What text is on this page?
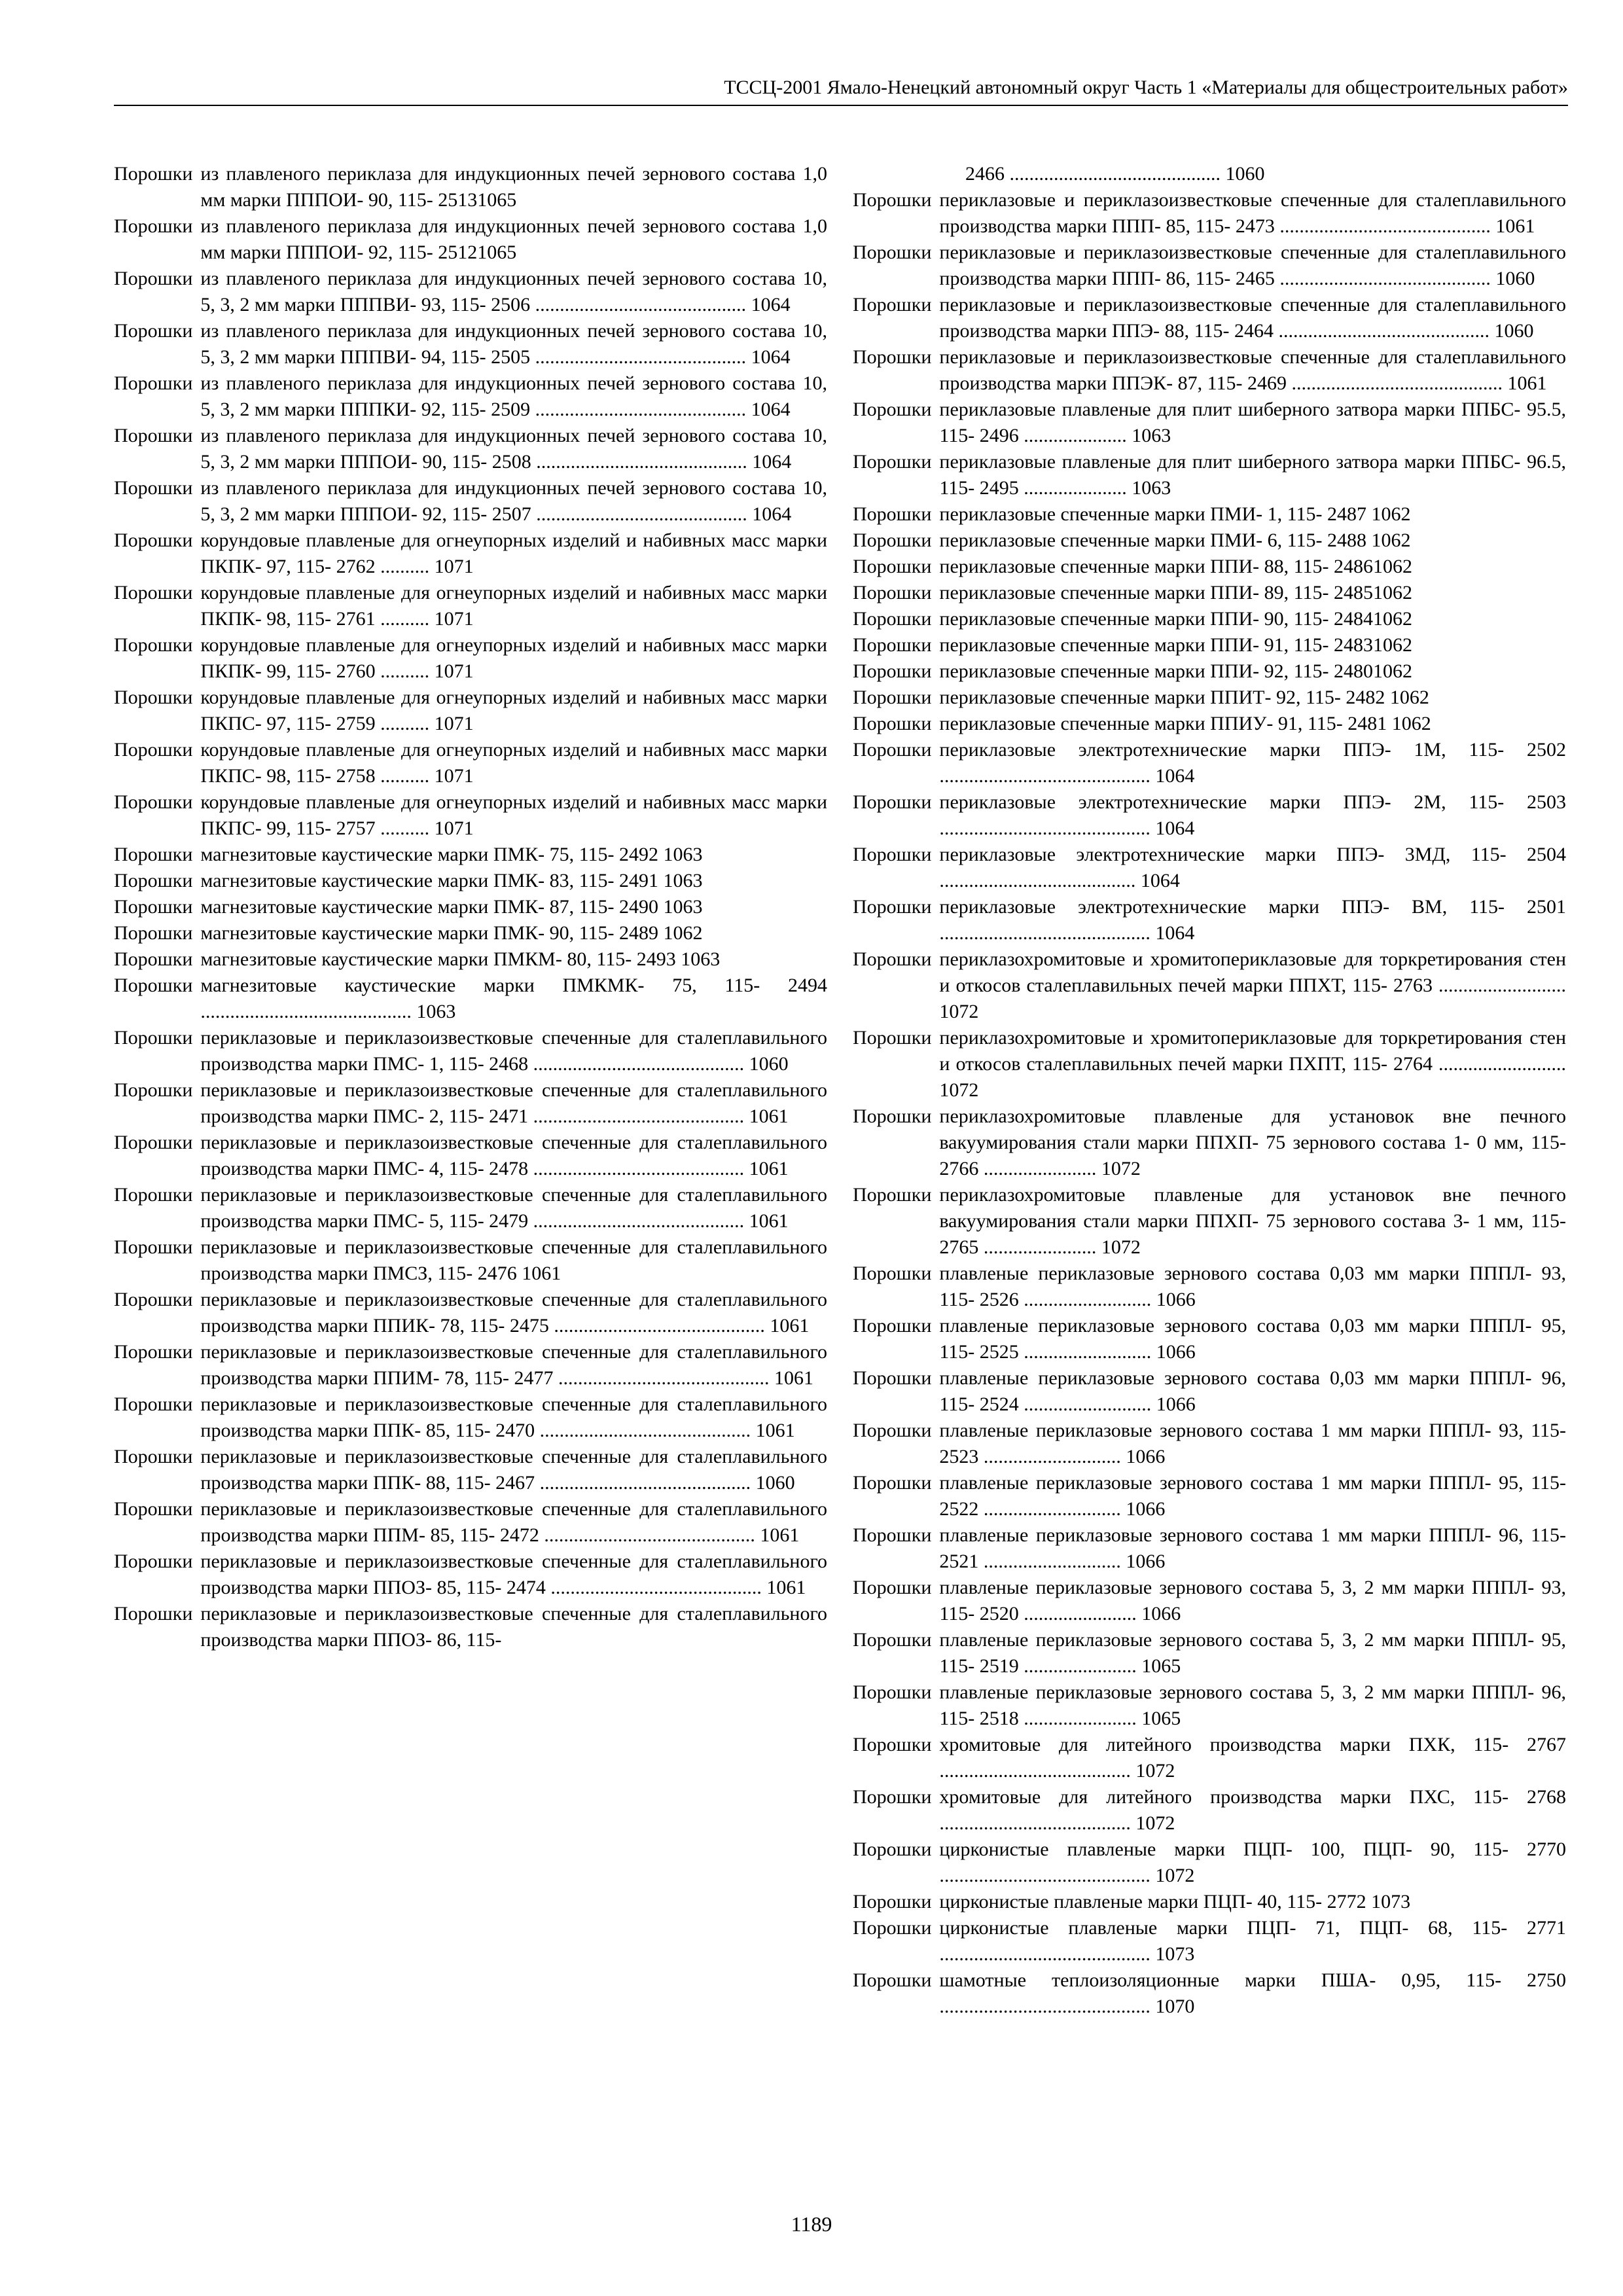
ТССЦ-2001 Ямало-Ненецкий автономный округ Часть 1 «Материалы для общестроительных работ»
Порошки из плавленого периклаза для индукционных печей зернового состава 1,0 мм марки ПППОИ- 90, 115- 25131065
Порошки из плавленого периклаза для индукционных печей зернового состава 1,0 мм марки ПППОИ- 92, 115- 25121065
Порошки из плавленого периклаза для индукционных печей зернового состава 10, 5, 3, 2 мм марки ПППВИ- 93, 115- 2506 ........................................... 1064
Порошки из плавленого периклаза для индукционных печей зернового состава 10, 5, 3, 2 мм марки ПППВИ- 94, 115- 2505 ........................................... 1064
Порошки из плавленого периклаза для индукционных печей зернового состава 10, 5, 3, 2 мм марки ПППКИ- 92, 115- 2509 ........................................... 1064
Порошки из плавленого периклаза для индукционных печей зернового состава 10, 5, 3, 2 мм марки ПППОИ- 90, 115- 2508 ........................................... 1064
Порошки из плавленого периклаза для индукционных печей зернового состава 10, 5, 3, 2 мм марки ПППОИ- 92, 115- 2507 ........................................... 1064
Порошки корундовые плавленые для огнеупорных изделий и набивных масс марки ПКПК- 97, 115- 2762 .......... 1071
Порошки корундовые плавленые для огнеупорных изделий и набивных масс марки ПКПК- 98, 115- 2761 .......... 1071
Порошки корундовые плавленые для огнеупорных изделий и набивных масс марки ПКПК- 99, 115- 2760 .......... 1071
Порошки корундовые плавленые для огнеупорных изделий и набивных масс марки ПКПС- 97, 115- 2759 .......... 1071
Порошки корундовые плавленые для огнеупорных изделий и набивных масс марки ПКПС- 98, 115- 2758 .......... 1071
Порошки корундовые плавленые для огнеупорных изделий и набивных масс марки ПКПС- 99, 115- 2757 .......... 1071
Порошки магнезитовые каустические марки ПМК- 75, 115- 2492 1063
Порошки магнезитовые каустические марки ПМК- 83, 115- 2491 1063
Порошки магнезитовые каустические марки ПМК- 87, 115- 2490 1063
Порошки магнезитовые каустические марки ПМК- 90, 115- 2489 1062
Порошки магнезитовые каустические марки ПМКМ- 80, 115- 2493 1063
Порошки магнезитовые каустические марки ПМКМК- 75, 115- 2494 ........................................... 1063
Порошки периклазовые и периклазоизвестковые спеченные для сталеплавильного производства марки ПМС- 1, 115- 2468 ........................................... 1060
Порошки периклазовые и периклазоизвестковые спеченные для сталеплавильного производства марки ПМС- 2, 115- 2471 ........................................... 1061
Порошки периклазовые и периклазоизвестковые спеченные для сталеплавильного производства марки ПМС- 4, 115- 2478 ........................................... 1061
Порошки периклазовые и периклазоизвестковые спеченные для сталеплавильного производства марки ПМС- 5, 115- 2479 ........................................... 1061
Порошки периклазовые и периклазоизвестковые спеченные для сталеплавильного производства марки ПМСЗ, 115- 2476 1061
Порошки периклазовые и периклазоизвестковые спеченные для сталеплавильного производства марки ППИК- 78, 115- 2475 ........................................... 1061
Порошки периклазовые и периклазоизвестковые спеченные для сталеплавильного производства марки ППИМ- 78, 115- 2477 ........................................... 1061
Порошки периклазовые и периклазоизвестковые спеченные для сталеплавильного производства марки ППК- 85, 115- 2470 ........................................... 1061
Порошки периклазовые и периклазоизвестковые спеченные для сталеплавильного производства марки ППК- 88, 115- 2467 ........................................... 1060
Порошки периклазовые и периклазоизвестковые спеченные для сталеплавильного производства марки ППМ- 85, 115- 2472 ........................................... 1061
Порошки периклазовые и периклазоизвестковые спеченные для сталеплавильного производства марки ППОЗ- 85, 115- 2474 ........................................... 1061
Порошки периклазовые и периклазоизвестковые спеченные для сталеплавильного производства марки ППОЗ- 86, 115-
2466 ........................................... 1060
Порошки периклазовые и периклазоизвестковые спеченные для сталеплавильного производства марки ППП- 85, 115- 2473 ........................................... 1061
Порошки периклазовые и периклазоизвестковые спеченные для сталеплавильного производства марки ППП- 86, 115- 2465 ........................................... 1060
Порошки периклазовые и периклазоизвестковые спеченные для сталеплавильного производства марки ППЭ- 88, 115- 2464 ........................................... 1060
Порошки периклазовые и периклазоизвестковые спеченные для сталеплавильного производства марки ППЭК- 87, 115- 2469 ........................................... 1061
Порошки периклазовые плавленые для плит шиберного затвора марки ППБС- 95.5, 115- 2496 ..................... 1063
Порошки периклазовые плавленые для плит шиберного затвора марки ППБС- 96.5, 115- 2495 ..................... 1063
Порошки периклазовые спеченные марки ПМИ- 1, 115- 2487 1062
Порошки периклазовые спеченные марки ПМИ- 6, 115- 2488 1062
Порошки периклазовые спеченные марки ППИ- 88, 115- 24861062
Порошки периклазовые спеченные марки ППИ- 89, 115- 24851062
Порошки периклазовые спеченные марки ППИ- 90, 115- 24841062
Порошки периклазовые спеченные марки ППИ- 91, 115- 24831062
Порошки периклазовые спеченные марки ППИ- 92, 115- 24801062
Порошки периклазовые спеченные марки ППИТ- 92, 115- 2482 1062
Порошки периклазовые спеченные марки ППИУ- 91, 115- 2481 1062
Порошки периклазовые электротехнические марки ППЭ- 1М, 115- 2502 ........................................... 1064
Порошки периклазовые электротехнические марки ППЭ- 2М, 115- 2503 ........................................... 1064
Порошки периклазовые электротехнические марки ППЭ- 3МД, 115- 2504 ........................................ 1064
Порошки периклазовые электротехнические марки ППЭ- ВМ, 115- 2501 ........................................... 1064
Порошки периклазохромитовые и хромитопериклазовые для торкретирования стен и откосов сталеплавильных печей марки ППХТ, 115- 2763 .......................... 1072
Порошки периклазохромитовые и хромитопериклазовые для торкретирования стен и откосов сталеплавильных печей марки ПХПТ, 115- 2764 .......................... 1072
Порошки периклазохромитовые плавленые для установок вне печного вакуумирования стали марки ППХП- 75 зернового состава 1- 0 мм, 115- 2766 ....................... 1072
Порошки периклазохромитовые плавленые для установок вне печного вакуумирования стали марки ППХП- 75 зернового состава 3- 1 мм, 115- 2765 ....................... 1072
Порошки плавленые периклазовые зернового состава 0,03 мм марки ПППЛ- 93, 115- 2526 .......................... 1066
Порошки плавленые периклазовые зернового состава 0,03 мм марки ПППЛ- 95, 115- 2525 .......................... 1066
Порошки плавленые периклазовые зернового состава 0,03 мм марки ПППЛ- 96, 115- 2524 .......................... 1066
Порошки плавленые периклазовые зернового состава 1 мм марки ПППЛ- 93, 115- 2523 ............................ 1066
Порошки плавленые периклазовые зернового состава 1 мм марки ПППЛ- 95, 115- 2522 ............................ 1066
Порошки плавленые периклазовые зернового состава 1 мм марки ПППЛ- 96, 115- 2521 ............................ 1066
Порошки плавленые периклазовые зернового состава 5, 3, 2 мм марки ПППЛ- 93, 115- 2520 ....................... 1066
Порошки плавленые периклазовые зернового состава 5, 3, 2 мм марки ПППЛ- 95, 115- 2519 ....................... 1065
Порошки плавленые периклазовые зернового состава 5, 3, 2 мм марки ПППЛ- 96, 115- 2518 ....................... 1065
Порошки хромитовые для литейного производства марки ПХК, 115- 2767 ....................................... 1072
Порошки хромитовые для литейного производства марки ПХС, 115- 2768 ....................................... 1072
Порошки цирконистые плавленые марки ПЦП- 100, ПЦП- 90, 115- 2770 ........................................... 1072
Порошки цирконистые плавленые марки ПЦП- 40, 115- 2772 1073
Порошки цирконистые плавленые марки ПЦП- 71, ПЦП- 68, 115- 2771 ........................................... 1073
Порошки шамотные теплоизоляционные марки ПША- 0,95, 115- 2750 ........................................... 1070
1189
